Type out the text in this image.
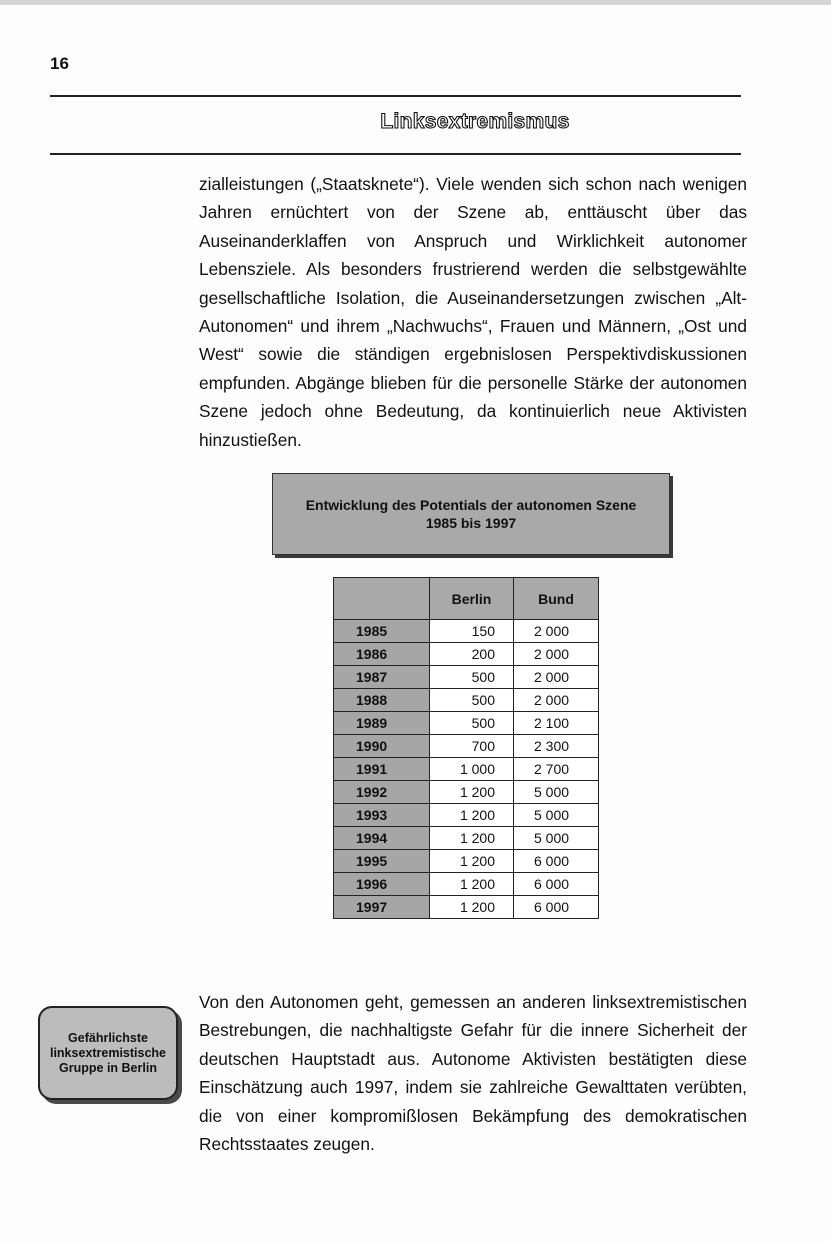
16
Linksextremismus

zialleistungen („Staatsknete“). Viele wenden sich schon nach wenigen Jahren ernüchtert von der Szene ab, enttäuscht über das Auseinanderklaffen von Anspruch und Wirklichkeit autonomer Lebensziele. Als besonders frustrierend werden die selbstgewählte gesellschaftliche Isolation, die Auseinandersetzungen zwischen „Alt-Autonomen“ und ihrem „Nachwuchs“, Frauen und Männern, „Ost und West“ sowie die ständigen ergebnislosen Perspektivdiskussionen empfunden. Abgänge blieben für die personelle Stärke der autonomen Szene jedoch ohne Bedeutung, da kontinuierlich neue Aktivisten hinzustießen.

Entwicklung des Potentials der autonomen Szene 1985 bis 1997

	Berlin	Bund
1985	150	2 000
1986	200	2 000
1987	500	2 000
1988	500	2 000
1989	500	2 100
1990	700	2 300
1991	1 000	2 700
1992	1 200	5 000
1993	1 200	5 000
1994	1 200	5 000
1995	1 200	6 000
1996	1 200	6 000
1997	1 200	6 000

Gefährlichste linksextremistische Gruppe in Berlin

Von den Autonomen geht, gemessen an anderen linksextremistischen Bestrebungen, die nachhaltigste Gefahr für die innere Sicherheit der deutschen Hauptstadt aus. Autonome Aktivisten bestätigten diese Einschätzung auch 1997, indem sie zahlreiche Gewalttaten verübten, die von einer kompromißlosen Bekämpfung des demokratischen Rechtsstaates zeugen.
